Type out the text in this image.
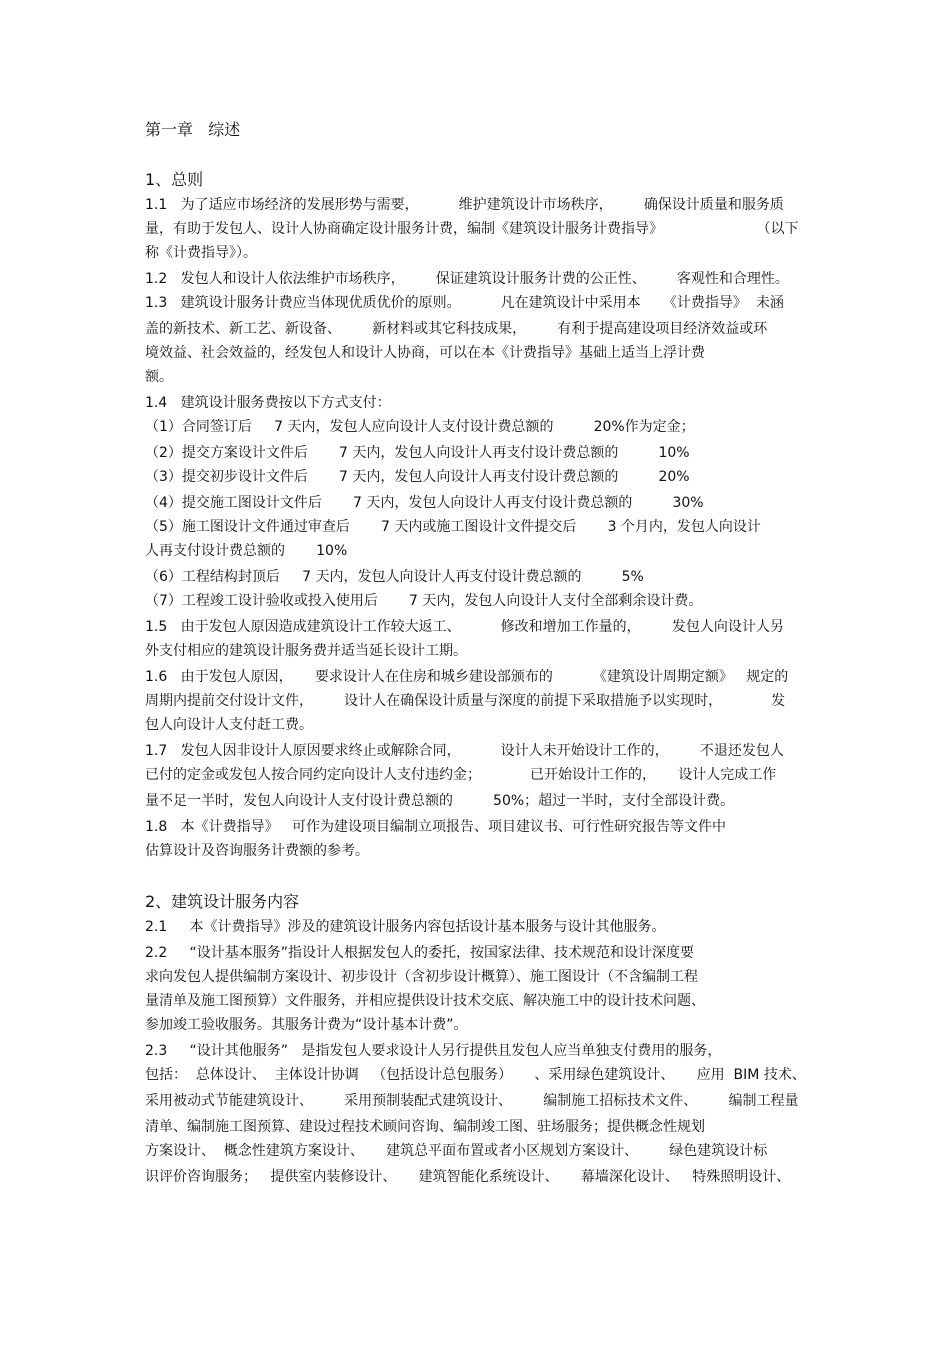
第一章   综述
1、总则
1.1   为了适应市场经济的发展形势与需要，         维护建筑设计市场秩序，       确保设计质量和服务质
量，有助于发包人、设计人协商确定设计服务计费，编制《建筑设计服务计费指导》                     （以下
称《计费指导》）。
1.2   发包人和设计人依法维护市场秩序，       保证建筑设计服务计费的公正性、       客观性和合理性。
1.3   建筑设计服务计费应当体现优质优价的原则。         凡在建筑设计中采用本     《计费指导》  未涵
盖的新技术、新工艺、新设备、       新材料或其它科技成果，       有利于提高建设项目经济效益或环
境效益、社会效益的，经发包人和设计人协商，可以在本《计费指导》基础上适当上浮计费
额。
1.4   建筑设计服务费按以下方式支付：
（1）合同签订后     7 天内，发包人应向设计人支付设计费总额的         20%作为定金；
（2）提交方案设计文件后       7 天内，发包人向设计人再支付设计费总额的         10%
（3）提交初步设计文件后       7 天内，发包人向设计人再支付设计费总额的         20%
（4）提交施工图设计文件后       7 天内，发包人向设计人再支付设计费总额的         30%
（5）施工图设计文件通过审查后       7 天内或施工图设计文件提交后       3 个月内，发包人向设计
人再支付设计费总额的       10%
（6）工程结构封顶后     7 天内，发包人向设计人再支付设计费总额的         5%
（7）工程竣工设计验收或投入使用后       7 天内，发包人向设计人支付全部剩余设计费。
1.5   由于发包人原因造成建筑设计工作较大返工、         修改和增加工作量的，       发包人向设计人另
外支付相应的建筑设计服务费并适当延长设计工期。
1.6   由于发包人原因，     要求设计人在住房和城乡建设部颁布的         《建筑设计周期定额》   规定的
周期内提前交付设计文件，       设计人在确保设计质量与深度的前提下采取措施予以实现时，           发
包人向设计人支付赶工费。
1.7   发包人因非设计人原因要求终止或解除合同，         设计人未开始设计工作的，       不退还发包人
已付的定金或发包人按合同约定向设计人支付违约金；           已开始设计工作的，     设计人完成工作
量不足一半时，发包人向设计人支付设计费总额的         50%；超过一半时，支付全部设计费。
1.8   本《计费指导》   可作为建设项目编制立项报告、项目建议书、可行性研究报告等文件中
估算设计及咨询服务计费额的参考。
2、建筑设计服务内容
2.1     本《计费指导》涉及的建筑设计服务内容包括设计基本服务与设计其他服务。
2.2     “设计基本服务”指设计人根据发包人的委托，按国家法律、技术规范和设计深度要
求向发包人提供编制方案设计、初步设计（含初步设计概算）、施工图设计（不含编制工程
量清单及施工图预算）文件服务，并相应提供设计技术交底、解决施工中的设计技术问题、
参加竣工验收服务。其服务计费为“设计基本计费”。
2.3     “设计其他服务”   是指发包人要求设计人另行提供且发包人应当单独支付费用的服务，
包括：  总体设计、  主体设计协调   （包括设计总包服务）     、采用绿色建筑设计、     应用  BIM 技术、
采用被动式节能建筑设计、       采用预制装配式建筑设计、       编制施工招标技术文件、       编制工程量
清单、编制施工图预算、建设过程技术顾问咨询、编制竣工图、驻场服务；提供概念性规划
方案设计、  概念性建筑方案设计、     建筑总平面布置或者小区规划方案设计、       绿色建筑设计标
识评价咨询服务；   提供室内装修设计、     建筑智能化系统设计、     幕墙深化设计、   特殊照明设计、
